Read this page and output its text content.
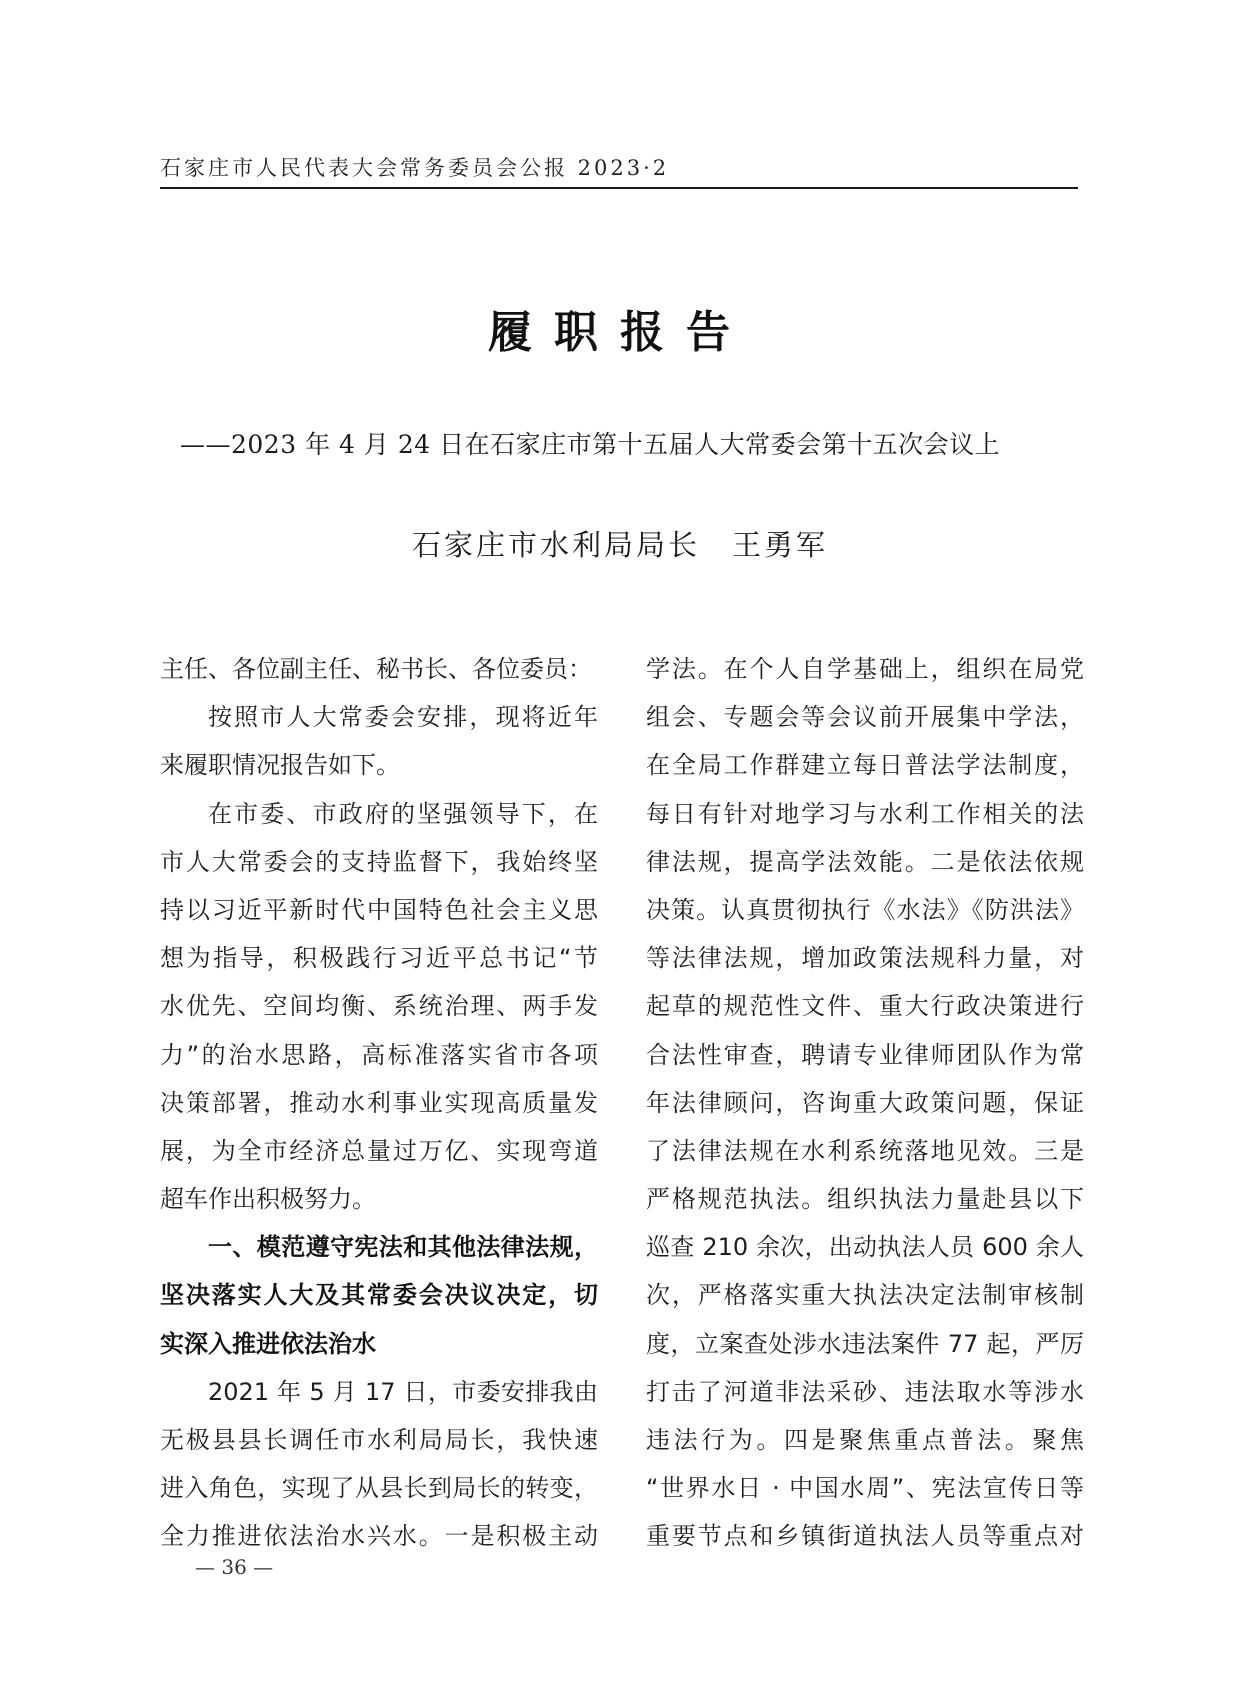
石家庄市人民代表大会常务委员会公报 2023·2
履职报告
——2023 年 4 月 24 日在石家庄市第十五届人大常委会第十五次会议上
石家庄市水利局局长 王勇军
主任、各位副主任、秘书长、各位委员：
按照市人大常委会安排，现将近年
来履职情况报告如下。
在市委、市政府的坚强领导下，在
市人大常委会的支持监督下，我始终坚
持以习近平新时代中国特色社会主义思
想为指导，积极践行习近平总书记“节
水优先、空间均衡、系统治理、两手发
力”的治水思路，高标准落实省市各项
决策部署，推动水利事业实现高质量发
展，为全市经济总量过万亿、实现弯道
超车作出积极努力。
一、模范遵守宪法和其他法律法规，
坚决落实人大及其常委会决议决定，切
实深入推进依法治水
2021 年 5 月 17 日，市委安排我由
无极县县长调任市水利局局长，我快速
进入角色，实现了从县长到局长的转变，
全力推进依法治水兴水。一是积极主动
学法。在个人自学基础上，组织在局党
组会、专题会等会议前开展集中学法，
在全局工作群建立每日普法学法制度，
每日有针对地学习与水利工作相关的法
律法规，提高学法效能。二是依法依规
决策。认真贯彻执行《水法》《防洪法》
等法律法规，增加政策法规科力量，对
起草的规范性文件、重大行政决策进行
合法性审查，聘请专业律师团队作为常
年法律顾问，咨询重大政策问题，保证
了法律法规在水利系统落地见效。三是
严格规范执法。组织执法力量赴县以下
巡查 210 余次，出动执法人员 600 余人
次，严格落实重大执法决定法制审核制
度，立案查处涉水违法案件 77 起，严厉
打击了河道非法采砂、违法取水等涉水
违法行为。四是聚焦重点普法。聚焦
“世界水日 · 中国水周”、宪法宣传日等
重要节点和乡镇街道执法人员等重点对
— 36 —
